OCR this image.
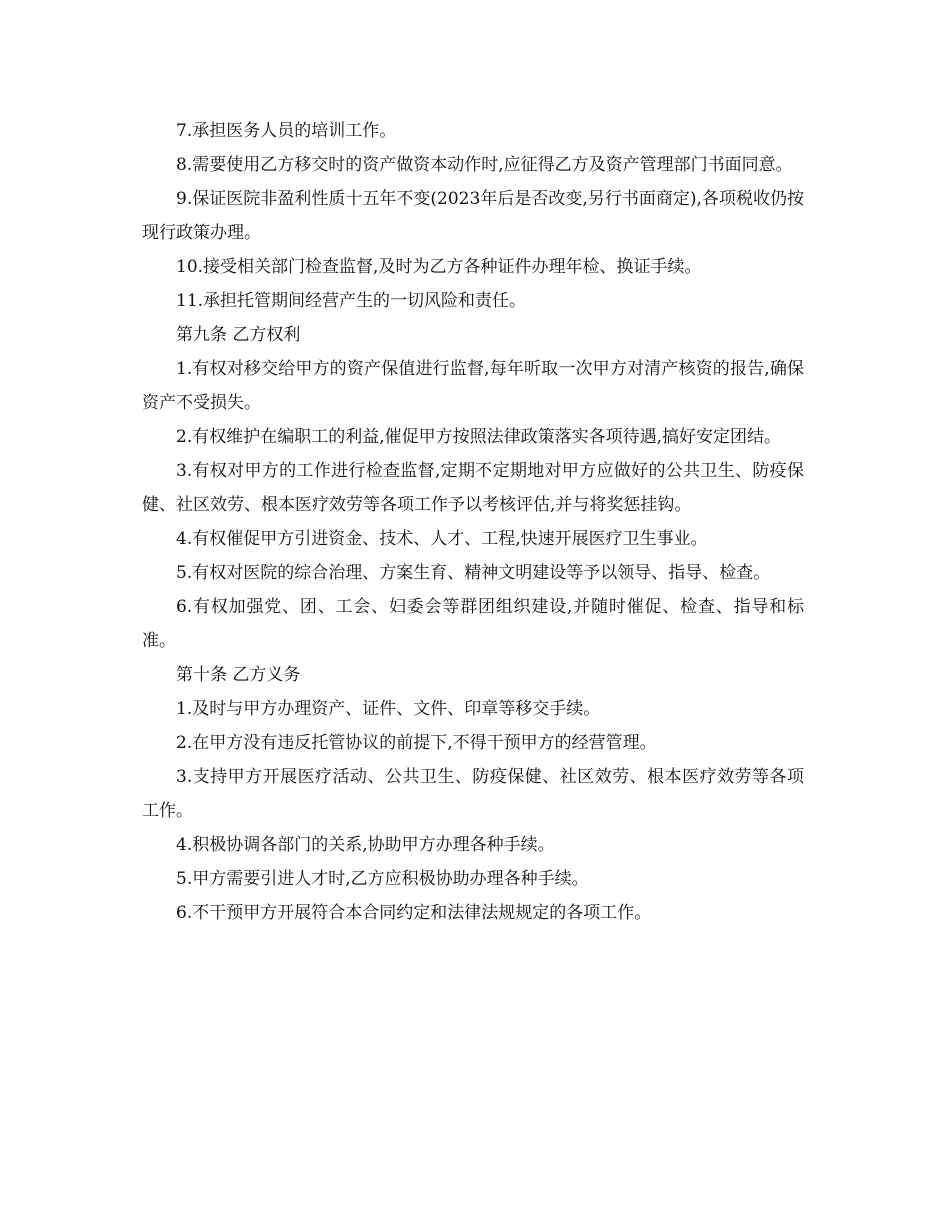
7.承担医务人员的培训工作。

8.需要使用乙方移交时的资产做资本动作时,应征得乙方及资产管理部门书面同意。

9.保证医院非盈利性质十五年不变(2023年后是否改变,另行书面商定),各项税收仍按现行政策办理。

10.接受相关部门检查监督,及时为乙方各种证件办理年检、换证手续。

11.承担托管期间经营产生的一切风险和责任。

第九条 乙方权利

1.有权对移交给甲方的资产保值进行监督,每年听取一次甲方对清产核资的报告,确保资产不受损失。

2.有权维护在编职工的利益,催促甲方按照法律政策落实各项待遇,搞好安定团结。

3.有权对甲方的工作进行检查监督,定期不定期地对甲方应做好的公共卫生、防疫保健、社区效劳、根本医疗效劳等各项工作予以考核评估,并与将奖惩挂钩。

4.有权催促甲方引进资金、技术、人才、工程,快速开展医疗卫生事业。

5.有权对医院的综合治理、方案生育、精神文明建设等予以领导、指导、检查。

6.有权加强党、团、工会、妇委会等群团组织建设,并随时催促、检查、指导和标准。

第十条 乙方义务

1.及时与甲方办理资产、证件、文件、印章等移交手续。

2.在甲方没有违反托管协议的前提下,不得干预甲方的经营管理。

3.支持甲方开展医疗活动、公共卫生、防疫保健、社区效劳、根本医疗效劳等各项工作。

4.积极协调各部门的关系,协助甲方办理各种手续。

5.甲方需要引进人才时,乙方应积极协助办理各种手续。

6.不干预甲方开展符合本合同约定和法律法规规定的各项工作。
